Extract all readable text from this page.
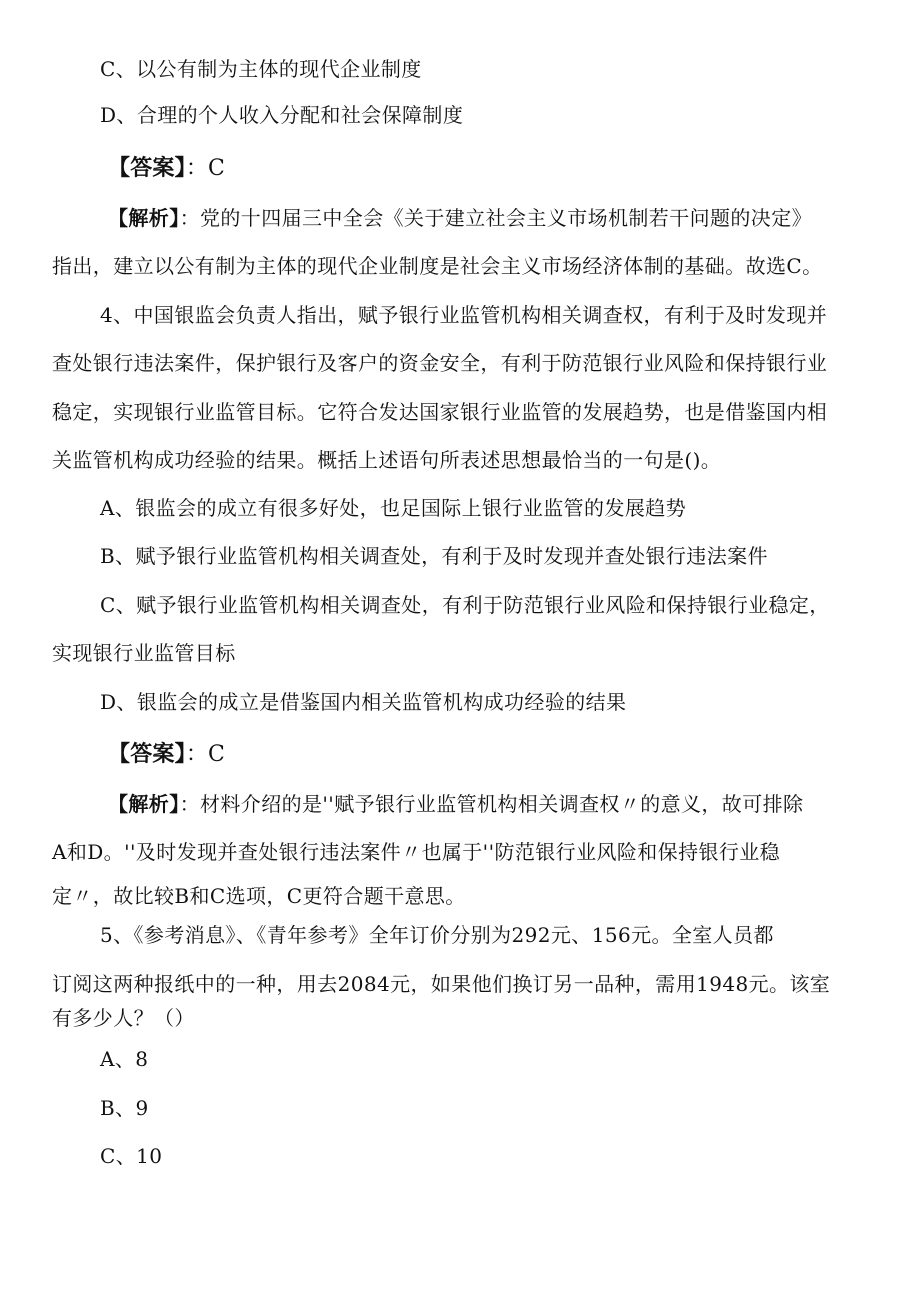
C、以公有制为主体的现代企业制度
D、合理的个人收入分配和社会保障制度
【答案】：C
【解析】：党的十四届三中全会《关于建立社会主义市场机制若干问题的决定》
指出，建立以公有制为主体的现代企业制度是社会主义市场经济体制的基础。故选C。
4、中国银监会负责人指出，赋予银行业监管机构相关调查权，有利于及时发现并
查处银行违法案件，保护银行及客户的资金安全，有利于防范银行业风险和保持银行业
稳定，实现银行业监管目标。它符合发达国家银行业监管的发展趋势，也是借鉴国内相
关监管机构成功经验的结果。概括上述语句所表述思想最恰当的一句是()。
A、银监会的成立有很多好处，也足国际上银行业监管的发展趋势
B、赋予银行业监管机构相关调查处，有利于及时发现并查处银行违法案件
C、赋予银行业监管机构相关调查处，有利于防范银行业风险和保持银行业稳定，
实现银行业监管目标
D、银监会的成立是借鉴国内相关监管机构成功经验的结果
【答案】：C
【解析】：材料介绍的是''赋予银行业监管机构相关调查权〃的意义，故可排除
A和D。''及时发现并查处银行违法案件〃也属于''防范银行业风险和保持银行业稳
定〃，故比较B和C选项，C更符合题干意思。
5、《参考消息》、《青年参考》全年订价分别为292元、156元。全室人员都
订阅这两种报纸中的一种，用去2084元，如果他们换订另一品种，需用1948元。该室
有多少人？（）
A、8
B、9
C、10
